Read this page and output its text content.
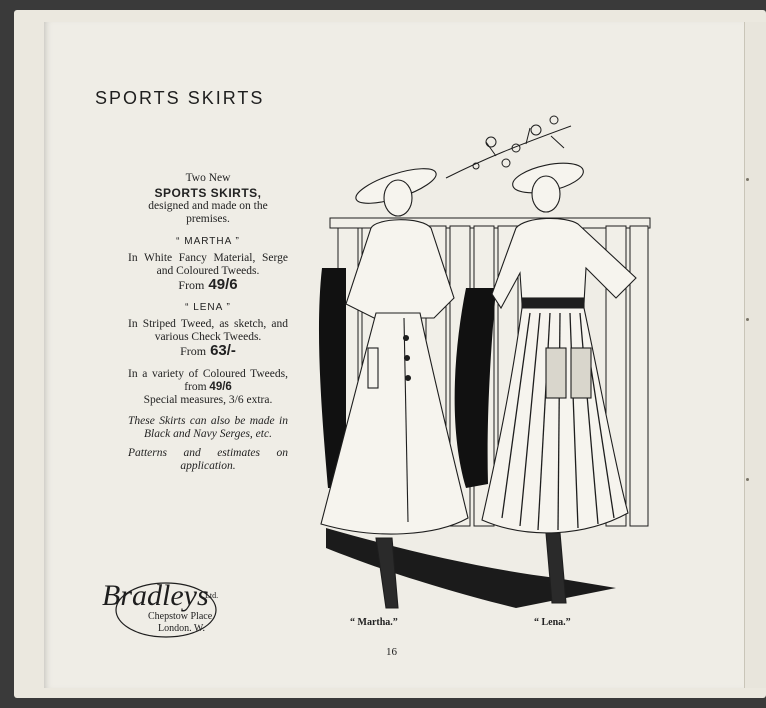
SPORTS SKIRTS

Two New

SPORTS SKIRTS,

designed and made on the premises.

“ MARTHA ”

In White Fancy Material, Serge and Coloured Tweeds.

From 49/6

“ LENA ”

In Striped Tweed, as sketch, and various Check Tweeds.

From 63/-

In a variety of Coloured Tweeds, from 49/6
Special measures, 3/6 extra.

These Skirts can also be made in Black and Navy Serges, etc.

Patterns and estimates on application.

Bradleys
Ltd.
Chepstow Place
London. W.
“ Martha.”	“ Lena.”
16
